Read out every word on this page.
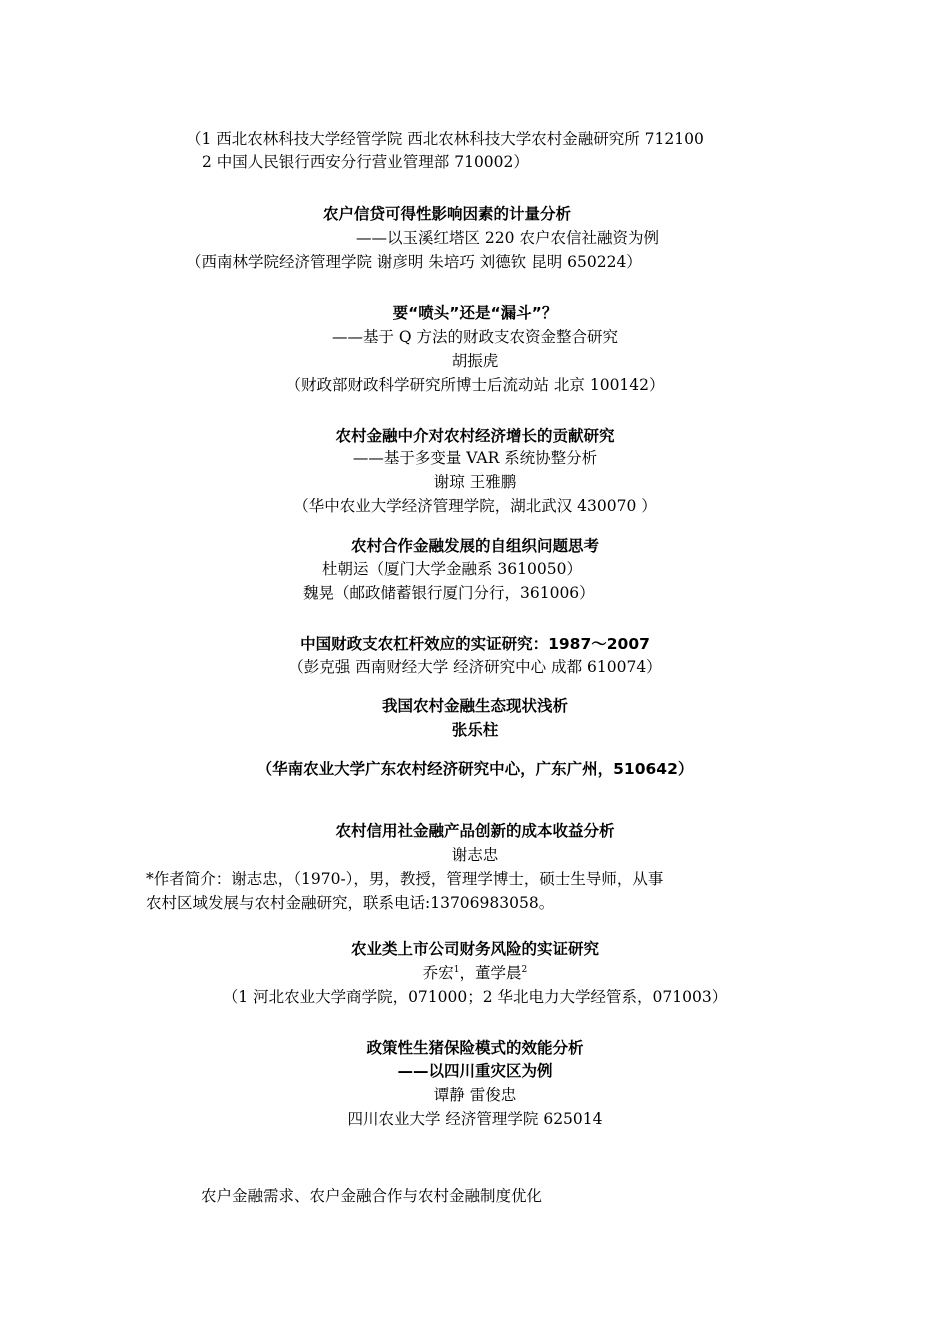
（1 西北农林科技大学经管学院 西北农林科技大学农村金融研究所 712100
2 中国人民银行西安分行营业管理部 710002）
农户信贷可得性影响因素的计量分析
——以玉溪红塔区 220 农户农信社融资为例
（西南林学院经济管理学院 谢彦明 朱培巧 刘德钦 昆明 650224）
要“喷头”还是“漏斗”？
——基于 Q 方法的财政支农资金整合研究
胡振虎
（财政部财政科学研究所博士后流动站 北京 100142）
农村金融中介对农村经济增长的贡献研究
——基于多变量 VAR 系统协整分析
谢琼 王雅鹏
（华中农业大学经济管理学院，湖北武汉 430070 ）
农村合作金融发展的自组织问题思考
杜朝运（厦门大学金融系 3610050）
魏晃（邮政储蓄银行厦门分行，361006）
中国财政支农杠杆效应的实证研究：1987～2007
（彭克强 西南财经大学 经济研究中心 成都 610074）
我国农村金融生态现状浅析
张乐柱
（华南农业大学广东农村经济研究中心，广东广州，510642）
农村信用社金融产品创新的成本收益分析
谢志忠
*作者简介：谢志忠，（1970-），男，教授，管理学博士，硕士生导师，从事
农村区域发展与农村金融研究，联系电话:13706983058。
农业类上市公司财务风险的实证研究
乔宏$^1$，董学晨$^2$
（1 河北农业大学商学院，071000；2 华北电力大学经管系，071003）
政策性生猪保险模式的效能分析
——以四川重灾区为例
谭静 雷俊忠
四川农业大学 经济管理学院 625014
农户金融需求、农户金融合作与农村金融制度优化
